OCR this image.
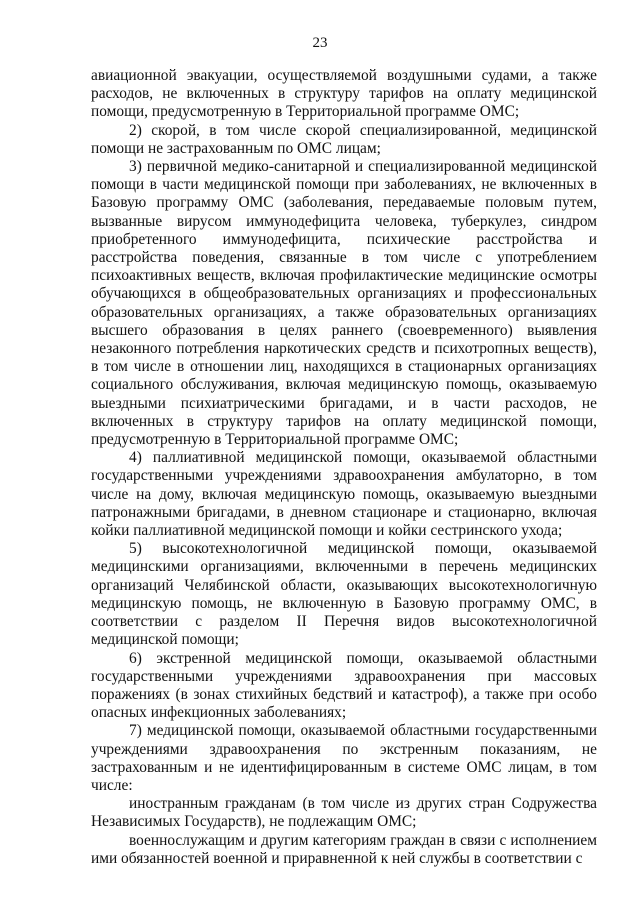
23

авиационной эвакуации, осуществляемой воздушными судами, а также расходов, не включенных в структуру тарифов на оплату медицинской помощи, предусмотренную в Территориальной программе ОМС;

2) скорой, в том числе скорой специализированной, медицинской помощи не застрахованным по ОМС лицам;

3) первичной медико-санитарной и специализированной медицинской помощи в части медицинской помощи при заболеваниях, не включенных в Базовую программу ОМС (заболевания, передаваемые половым путем, вызванные вирусом иммунодефицита человека, туберкулез, синдром приобретенного иммунодефицита, психические расстройства и расстройства поведения, связанные в том числе с употреблением психоактивных веществ, включая профилактические медицинские осмотры обучающихся в общеобразовательных организациях и профессиональных образовательных организациях, а также образовательных организациях высшего образования в целях раннего (своевременного) выявления незаконного потребления наркотических средств и психотропных веществ), в том числе в отношении лиц, находящихся в стационарных организациях социального обслуживания, включая медицинскую помощь, оказываемую выездными психиатрическими бригадами, и в части расходов, не включенных в структуру тарифов на оплату медицинской помощи, предусмотренную в Территориальной программе ОМС;

4) паллиативной медицинской помощи, оказываемой областными государственными учреждениями здравоохранения амбулаторно, в том числе на дому, включая медицинскую помощь, оказываемую выездными патронажными бригадами, в дневном стационаре и стационарно, включая койки паллиативной медицинской помощи и койки сестринского ухода;

5) высокотехнологичной медицинской помощи, оказываемой медицинскими организациями, включенными в перечень медицинских организаций Челябинской области, оказывающих высокотехнологичную медицинскую помощь, не включенную в Базовую программу ОМС, в соответствии с разделом II Перечня видов высокотехнологичной медицинской помощи;

6) экстренной медицинской помощи, оказываемой областными государственными учреждениями здравоохранения при массовых поражениях (в зонах стихийных бедствий и катастроф), а также при особо опасных инфекционных заболеваниях;

7) медицинской помощи, оказываемой областными государственными учреждениями здравоохранения по экстренным показаниям, не застрахованным и не идентифицированным в системе ОМС лицам, в том числе:

иностранным гражданам (в том числе из других стран Содружества Независимых Государств), не подлежащим ОМС;

военнослужащим и другим категориям граждан в связи с исполнением ими обязанностей военной и приравненной к ней службы в соответствии с
